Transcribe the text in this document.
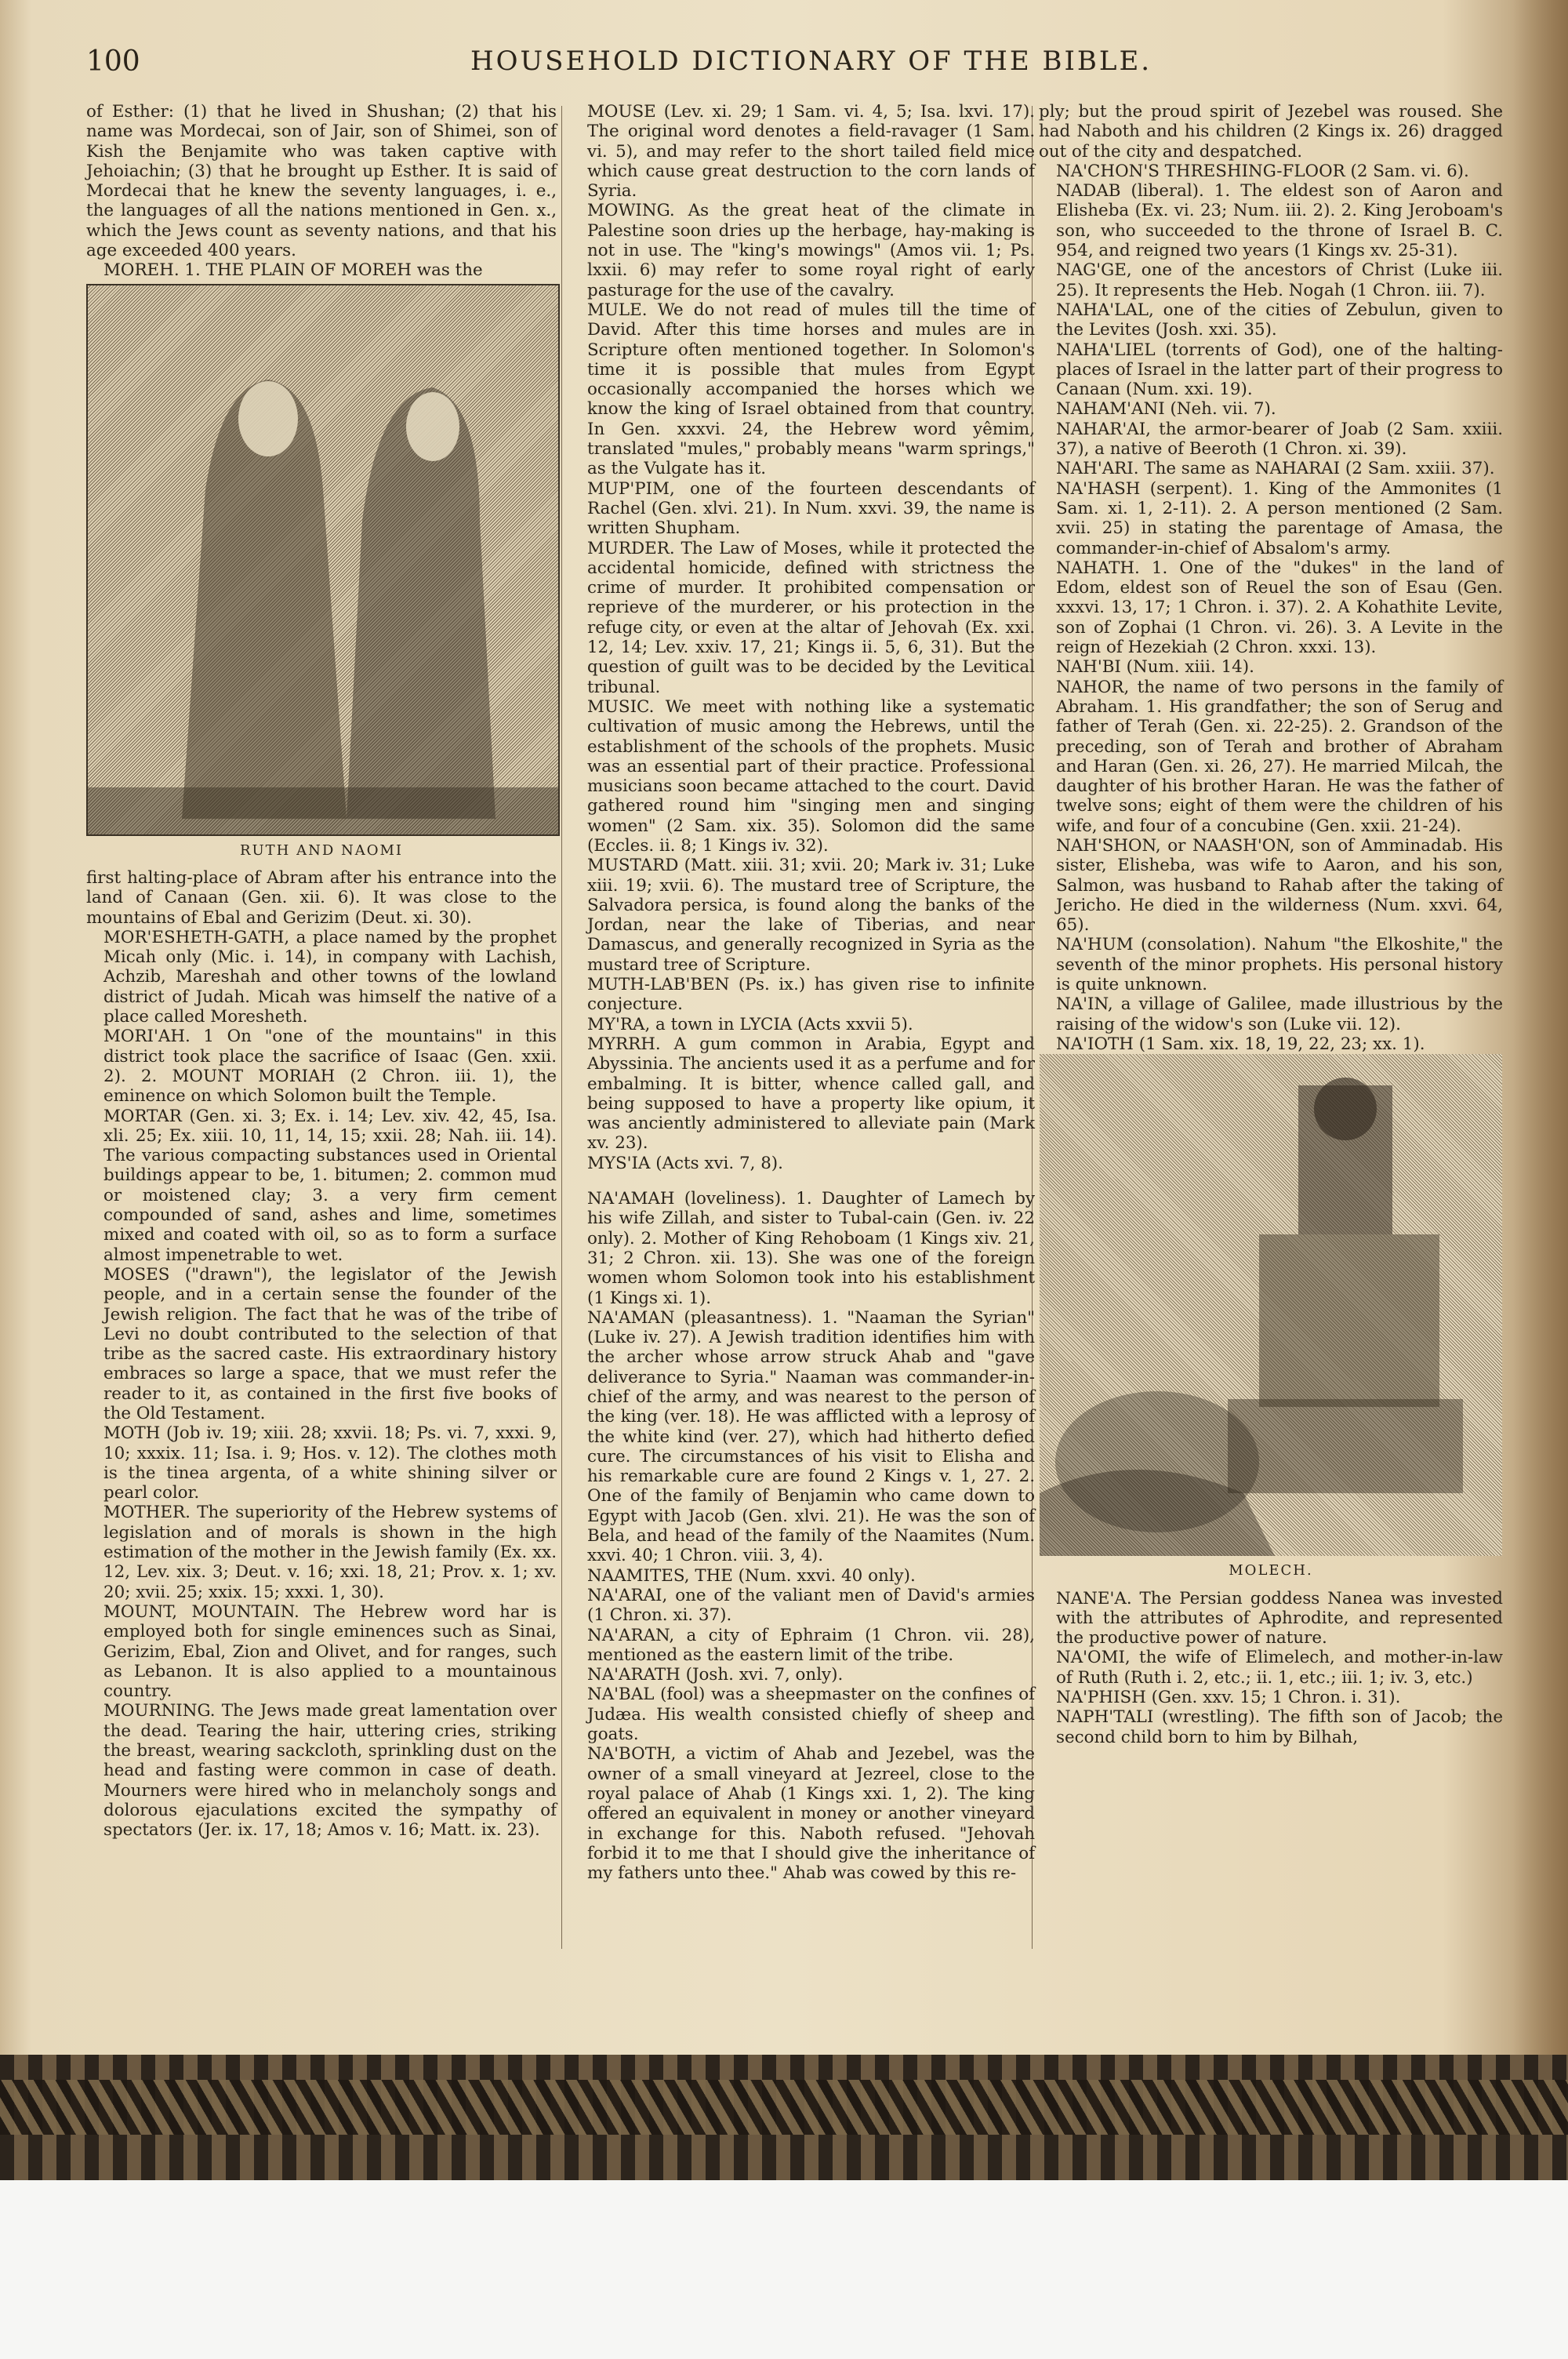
100	HOUSEHOLD DICTIONARY OF THE BIBLE.

of Esther: (1) that he lived in Shushan; (2) that his name was Mordecai, son of Jair, son of Shimei, son of Kish the Benjamite who was taken captive with Jehoiachin; (3) that he brought up Esther. It is said of Mordecai that he knew the seventy languages, i. e., the languages of all the nations mentioned in Gen. x., which the Jews count as seventy nations, and that his age exceeded 400 years.

MOREH. 1. THE PLAIN OF MOREH was the

RUTH AND NAOMI

first halting-place of Abram after his entrance into the land of Canaan (Gen. xii. 6). It was close to the mountains of Ebal and Gerizim (Deut. xi. 30).

MOR'ESHETH-GATH, a place named by the prophet Micah only (Mic. i. 14), in company with Lachish, Achzib, Mareshah and other towns of the lowland district of Judah. Micah was himself the native of a place called Moresheth.

MORI'AH. 1 On "one of the mountains" in this district took place the sacrifice of Isaac (Gen. xxii. 2). 2. MOUNT MORIAH (2 Chron. iii. 1), the eminence on which Solomon built the Temple.

MORTAR (Gen. xi. 3; Ex. i. 14; Lev. xiv. 42, 45, Isa. xli. 25; Ex. xiii. 10, 11, 14, 15; xxii. 28; Nah. iii. 14). The various compacting substances used in Oriental buildings appear to be, 1. bitumen; 2. common mud or moistened clay; 3. a very firm cement compounded of sand, ashes and lime, sometimes mixed and coated with oil, so as to form a surface almost impenetrable to wet.

MOSES ("drawn"), the legislator of the Jewish people, and in a certain sense the founder of the Jewish religion. The fact that he was of the tribe of Levi no doubt contributed to the selection of that tribe as the sacred caste. His extraordinary history embraces so large a space, that we must refer the reader to it, as contained in the first five books of the Old Testament.

MOTH (Job iv. 19; xiii. 28; xxvii. 18; Ps. vi. 7, xxxi. 9, 10; xxxix. 11; Isa. i. 9; Hos. v. 12). The clothes moth is the tinea argenta, of a white shining silver or pearl color.

MOTHER. The superiority of the Hebrew systems of legislation and of morals is shown in the high estimation of the mother in the Jewish family (Ex. xx. 12, Lev. xix. 3; Deut. v. 16; xxi. 18, 21; Prov. x. 1; xv. 20; xvii. 25; xxix. 15; xxxi. 1, 30).

MOUNT, MOUNTAIN. The Hebrew word har is employed both for single eminences such as Sinai, Gerizim, Ebal, Zion and Olivet, and for ranges, such as Lebanon. It is also applied to a mountainous country.

MOURNING. The Jews made great lamentation over the dead. Tearing the hair, uttering cries, striking the breast, wearing sackcloth, sprinkling dust on the head and fasting were common in case of death. Mourners were hired who in melancholy songs and dolorous ejaculations excited the sympathy of spectators (Jer. ix. 17, 18; Amos v. 16; Matt. ix. 23).

MOUSE (Lev. xi. 29; 1 Sam. vi. 4, 5; Isa. lxvi. 17). The original word denotes a field-ravager (1 Sam. vi. 5), and may refer to the short tailed field mice which cause great destruction to the corn lands of Syria.

MOWING. As the great heat of the climate in Palestine soon dries up the herbage, hay-making is not in use. The "king's mowings" (Amos vii. 1; Ps. lxxii. 6) may refer to some royal right of early pasturage for the use of the cavalry.

MULE. We do not read of mules till the time of David. After this time horses and mules are in Scripture often mentioned together. In Solomon's time it is possible that mules from Egypt occasionally accompanied the horses which we know the king of Israel obtained from that country. In Gen. xxxvi. 24, the Hebrew word yêmim, translated "mules," probably means "warm springs," as the Vulgate has it.

MUP'PIM, one of the fourteen descendants of Rachel (Gen. xlvi. 21). In Num. xxvi. 39, the name is written Shupham.

MURDER. The Law of Moses, while it protected the accidental homicide, defined with strictness the crime of murder. It prohibited compensation or reprieve of the murderer, or his protection in the refuge city, or even at the altar of Jehovah (Ex. xxi. 12, 14; Lev. xxiv. 17, 21; Kings ii. 5, 6, 31). But the question of guilt was to be decided by the Levitical tribunal.

MUSIC. We meet with nothing like a systematic cultivation of music among the Hebrews, until the establishment of the schools of the prophets. Music was an essential part of their practice. Professional musicians soon became attached to the court. David gathered round him "singing men and singing women" (2 Sam. xix. 35). Solomon did the same (Eccles. ii. 8; 1 Kings iv. 32).

MUSTARD (Matt. xiii. 31; xvii. 20; Mark iv. 31; Luke xiii. 19; xvii. 6). The mustard tree of Scripture, the Salvadora persica, is found along the banks of the Jordan, near the lake of Tiberias, and near Damascus, and generally recognized in Syria as the mustard tree of Scripture.

MUTH-LAB'BEN (Ps. ix.) has given rise to infinite conjecture.

MY'RA, a town in LYCIA (Acts xxvii 5).

MYRRH. A gum common in Arabia, Egypt and Abyssinia. The ancients used it as a perfume and for embalming. It is bitter, whence called gall, and being supposed to have a property like opium, it was anciently administered to alleviate pain (Mark xv. 23).

MYS'IA (Acts xvi. 7, 8).

NA'AMAH (loveliness). 1. Daughter of Lamech by his wife Zillah, and sister to Tubal-cain (Gen. iv. 22 only). 2. Mother of King Rehoboam (1 Kings xiv. 21, 31; 2 Chron. xii. 13). She was one of the foreign women whom Solomon took into his establishment (1 Kings xi. 1).

NA'AMAN (pleasantness). 1. "Naaman the Syrian" (Luke iv. 27). A Jewish tradition identifies him with the archer whose arrow struck Ahab and "gave deliverance to Syria." Naaman was commander-in-chief of the army, and was nearest to the person of the king (ver. 18). He was afflicted with a leprosy of the white kind (ver. 27), which had hitherto defied cure. The circumstances of his visit to Elisha and his remarkable cure are found 2 Kings v. 1, 27. 2. One of the family of Benjamin who came down to Egypt with Jacob (Gen. xlvi. 21). He was the son of Bela, and head of the family of the Naamites (Num. xxvi. 40; 1 Chron. viii. 3, 4).

NAAMITES, THE (Num. xxvi. 40 only).

NA'ARAI, one of the valiant men of David's armies (1 Chron. xi. 37).

NA'ARAN, a city of Ephraim (1 Chron. vii. 28), mentioned as the eastern limit of the tribe.

NA'ARATH (Josh. xvi. 7, only).

NA'BAL (fool) was a sheepmaster on the confines of Judæa. His wealth consisted chiefly of sheep and goats.

NA'BOTH, a victim of Ahab and Jezebel, was the owner of a small vineyard at Jezreel, close to the royal palace of Ahab (1 Kings xxi. 1, 2). The king offered an equivalent in money or another vineyard in exchange for this. Naboth refused. "Jehovah forbid it to me that I should give the inheritance of my fathers unto thee." Ahab was cowed by this re-

ply; but the proud spirit of Jezebel was roused. She had Naboth and his children (2 Kings ix. 26) dragged out of the city and despatched.

NA'CHON'S THRESHING-FLOOR (2 Sam. vi. 6).

NADAB (liberal). 1. The eldest son of Aaron and Elisheba (Ex. vi. 23; Num. iii. 2). 2. King Jeroboam's son, who succeeded to the throne of Israel B. C. 954, and reigned two years (1 Kings xv. 25-31).

NAG'GE, one of the ancestors of Christ (Luke iii. 25). It represents the Heb. Nogah (1 Chron. iii. 7).

NAHA'LAL, one of the cities of Zebulun, given to the Levites (Josh. xxi. 35).

NAHA'LIEL (torrents of God), one of the halting-places of Israel in the latter part of their progress to Canaan (Num. xxi. 19).

NAHAM'ANI (Neh. vii. 7).

NAHAR'AI, the armor-bearer of Joab (2 Sam. xxiii. 37), a native of Beeroth (1 Chron. xi. 39).

NAH'ARI. The same as NAHARAI (2 Sam. xxiii. 37).

NA'HASH (serpent). 1. King of the Ammonites (1 Sam. xi. 1, 2-11). 2. A person mentioned (2 Sam. xvii. 25) in stating the parentage of Amasa, the commander-in-chief of Absalom's army.

NAHATH. 1. One of the "dukes" in the land of Edom, eldest son of Reuel the son of Esau (Gen. xxxvi. 13, 17; 1 Chron. i. 37). 2. A Kohathite Levite, son of Zophai (1 Chron. vi. 26). 3. A Levite in the reign of Hezekiah (2 Chron. xxxi. 13).

NAH'BI (Num. xiii. 14).

NAHOR, the name of two persons in the family of Abraham. 1. His grandfather; the son of Serug and father of Terah (Gen. xi. 22-25). 2. Grandson of the preceding, son of Terah and brother of Abraham and Haran (Gen. xi. 26, 27). He married Milcah, the daughter of his brother Haran. He was the father of twelve sons; eight of them were the children of his wife, and four of a concubine (Gen. xxii. 21-24).

NAH'SHON, or NAASH'ON, son of Amminadab. His sister, Elisheba, was wife to Aaron, and his son, Salmon, was husband to Rahab after the taking of Jericho. He died in the wilderness (Num. xxvi. 64, 65).

NA'HUM (consolation). Nahum "the Elkoshite," the seventh of the minor prophets. His personal history is quite unknown.

NA'IN, a village of Galilee, made illustrious by the raising of the widow's son (Luke vii. 12).

NA'IOTH (1 Sam. xix. 18, 19, 22, 23; xx. 1).

MOLECH.

NANE'A. The Persian goddess Nanea was invested with the attributes of Aphrodite, and represented the productive power of nature.

NA'OMI, the wife of Elimelech, and mother-in-law of Ruth (Ruth i. 2, etc.; ii. 1, etc.; iii. 1; iv. 3, etc.)

NA'PHISH (Gen. xxv. 15; 1 Chron. i. 31).

NAPH'TALI (wrestling). The fifth son of Jacob; the second child born to him by Bilhah,
